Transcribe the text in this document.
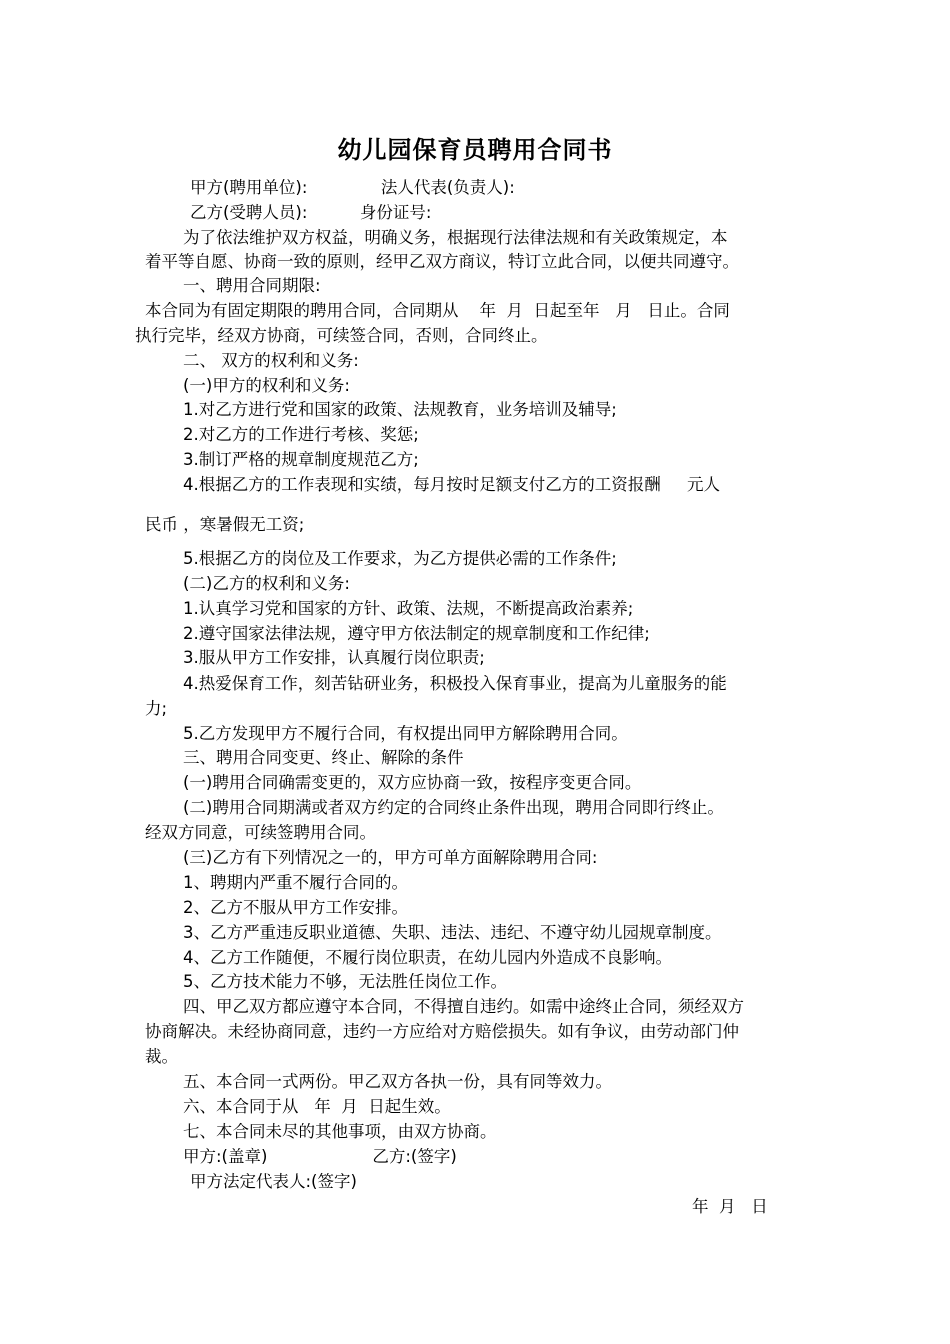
幼儿园保育员聘用合同书
甲方(聘用单位):              法人代表(负责人):
乙方(受聘人员):          身份证号:
为了依法维护双方权益，明确义务，根据现行法律法规和有关政策规定，本
着平等自愿、协商一致的原则，经甲乙双方商议，特订立此合同，以便共同遵守。
一、聘用合同期限:
本合同为有固定期限的聘用合同，合同期从    年  月  日起至年   月   日止。合同
执行完毕，经双方协商，可续签合同，否则，合同终止。
二、 双方的权利和义务:
(一)甲方的权利和义务:
1.对乙方进行党和国家的政策、法规教育，业务培训及辅导;
2.对乙方的工作进行考核、奖惩;
3.制订严格的规章制度规范乙方;
4.根据乙方的工作表现和实绩，每月按时足额支付乙方的工资报酬     元人
民币 ，寒暑假无工资;
5.根据乙方的岗位及工作要求，为乙方提供必需的工作条件;
(二)乙方的权利和义务:
1.认真学习党和国家的方针、政策、法规，不断提高政治素养;
2.遵守国家法律法规，遵守甲方依法制定的规章制度和工作纪律;
3.服从甲方工作安排，认真履行岗位职责;
4.热爱保育工作，刻苦钻研业务，积极投入保育事业，提高为儿童服务的能
力;
5.乙方发现甲方不履行合同，有权提出同甲方解除聘用合同。
三、聘用合同变更、终止、解除的条件
(一)聘用合同确需变更的，双方应协商一致，按程序变更合同。
(二)聘用合同期满或者双方约定的合同终止条件出现，聘用合同即行终止。
经双方同意，可续签聘用合同。
(三)乙方有下列情况之一的，甲方可单方面解除聘用合同:
1、聘期内严重不履行合同的。
2、乙方不服从甲方工作安排。
3、乙方严重违反职业道德、失职、违法、违纪、不遵守幼儿园规章制度。
4、乙方工作随便，不履行岗位职责，在幼儿园内外造成不良影响。
5、乙方技术能力不够，无法胜任岗位工作。
四、甲乙双方都应遵守本合同，不得擅自违约。如需中途终止合同，须经双方
协商解决。未经协商同意，违约一方应给对方赔偿损失。如有争议，由劳动部门仲
裁。
五、本合同一式两份。甲乙双方各执一份，具有同等效力。
六、本合同于从   年  月  日起生效。
七、本合同未尽的其他事项，由双方协商。
甲方:(盖章)                    乙方:(签字)
甲方法定代表人:(签字)
年  月   日
